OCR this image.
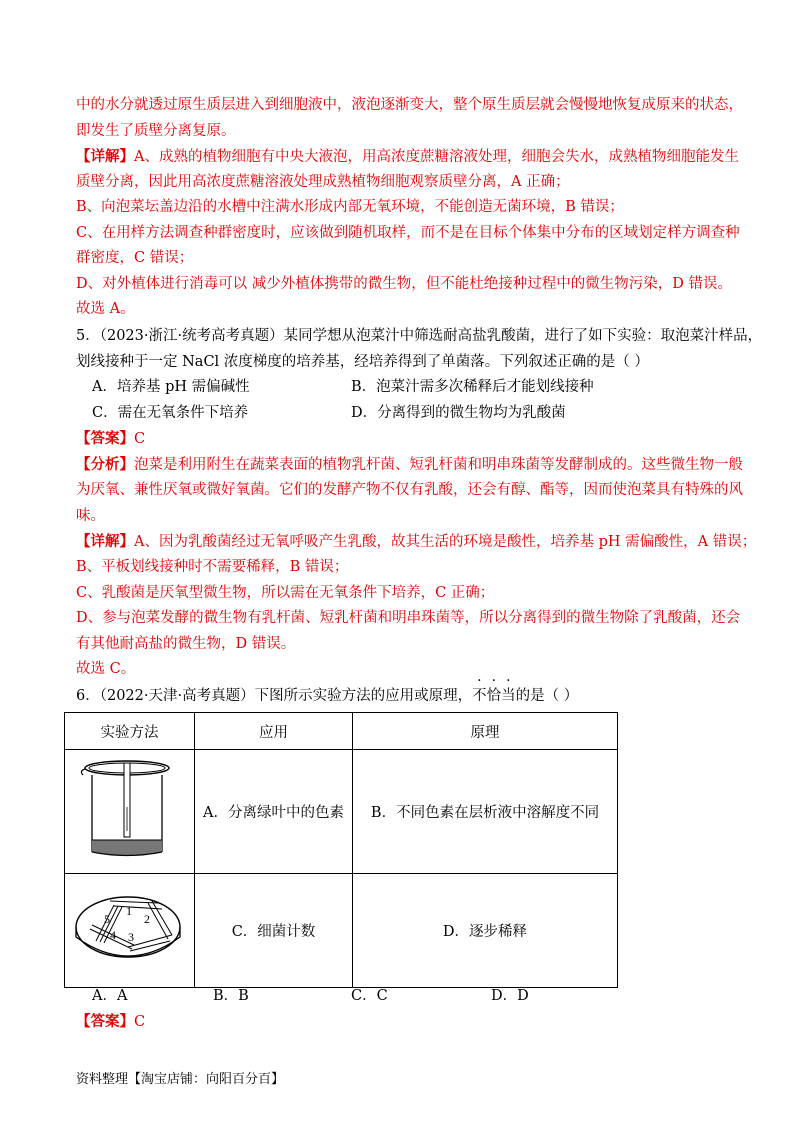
中的水分就透过原生质层进入到细胞液中，液泡逐渐变大，整个原生质层就会慢慢地恢复成原来的状态，
即发生了质壁分离复原。
【详解】A、成熟的植物细胞有中央大液泡，用高浓度蔗糖溶液处理，细胞会失水，成熟植物细胞能发生
质壁分离，因此用高浓度蔗糖溶液处理成熟植物细胞观察质壁分离，A 正确；
B、向泡菜坛盖边沿的水槽中注满水形成内部无氧环境，不能创造无菌环境，B 错误；
C、在用样方法调查种群密度时，应该做到随机取样，而不是在目标个体集中分布的区域划定样方调查种
群密度，C 错误；
D、对外植体进行消毒可以 减少外植体携带的微生物，但不能杜绝接种过程中的微生物污染，D 错误。
故选 A。
5．（2023·浙江·统考高考真题）某同学想从泡菜汁中筛选耐高盐乳酸菌，进行了如下实验：取泡菜汁样品，
划线接种于一定 NaCl 浓度梯度的培养基，经培养得到了单菌落。下列叙述正确的是（ ）
A．培养基 pH 需偏碱性	B．泡菜汁需多次稀释后才能划线接种
C．需在无氧条件下培养	D．分离得到的微生物均为乳酸菌
【答案】C
【分析】泡菜是利用附生在蔬菜表面的植物乳杆菌、短乳杆菌和明串珠菌等发酵制成的。这些微生物一般
为厌氧、兼性厌氧或微好氧菌。它们的发酵产物不仅有乳酸，还会有醇、酯等，因而使泡菜具有特殊的风
味。
【详解】A、因为乳酸菌经过无氧呼吸产生乳酸，故其生活的环境是酸性，培养基 pH 需偏酸性，A 错误；
B、平板划线接种时不需要稀释，B 错误；
C、乳酸菌是厌氧型微生物，所以需在无氧条件下培养，C 正确；
D、参与泡菜发酵的微生物有乳杆菌、短乳杆菌和明串珠菌等，所以分离得到的微生物除了乳酸菌，还会
有其他耐高盐的微生物，D 错误。
故选 C。
6．（2022·天津·高考真题）下图所示实验方法的应用或原理，不恰当的是（ ）
实验方法	应用	原理
	A．分离绿叶中的色素	B．不同色素在层析液中溶解度不同

5
1
2
4 3	C．细菌计数	D．逐步稀释
A．A	B．B	C．C	D．D
【答案】C
资料整理【淘宝店铺：向阳百分百】
